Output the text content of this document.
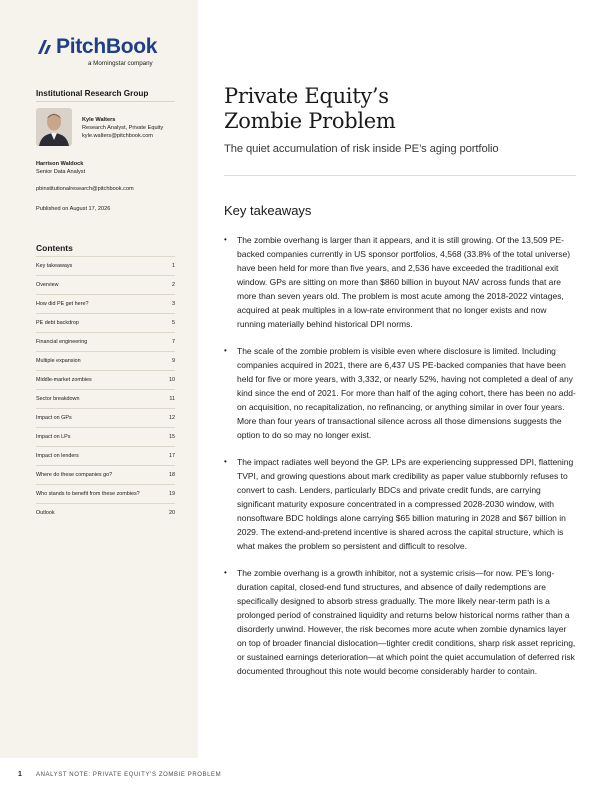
PitchBook
a Morningstar company
Institutional Research Group
Kyle Walters
Research Analyst, Private Equity
kyle.walters@pitchbook.com
Harrison Waldock
Senior Data Analyst
pbinstitutionalresearch@pitchbook.com
Published on August 17, 2026
Contents
Key takeaways	1
Overview	2
How did PE get here?	3
PE debt backdrop	5
Financial engineering	7
Multiple expansion	9
Middle-market zombies	10
Sector breakdown	11
Impact on GPs	12
Impact on LPs	15
Impact on lenders	17
Where do these companies go?	18
Who stands to benefit from these zombies?	19
Outlook	20
Private Equity’s
Zombie Problem
The quiet accumulation of risk inside PE’s aging portfolio
Key takeaways
•	The zombie overhang is larger than it appears, and it is still growing. Of the 13,509 PE-backed companies currently in US sponsor portfolios, 4,568 (33.8% of the total universe) have been held for more than five years, and 2,536 have exceeded the traditional exit window. GPs are sitting on more than $860 billion in buyout NAV across funds that are more than seven years old. The problem is most acute among the 2018-2022 vintages, acquired at peak multiples in a low-rate environment that no longer exists and now running materially behind historical DPI norms.
•	The scale of the zombie problem is visible even where disclosure is limited. Including companies acquired in 2021, there are 6,437 US PE-backed companies that have been held for five or more years, with 3,332, or nearly 52%, having not completed a deal of any kind since the end of 2021. For more than half of the aging cohort, there has been no add-on acquisition, no recapitalization, no refinancing, or anything similar in over four years. More than four years of transactional silence across all those dimensions suggests the option to do so may no longer exist.
•	The impact radiates well beyond the GP. LPs are experiencing suppressed DPI, flattening TVPI, and growing questions about mark credibility as paper value stubbornly refuses to convert to cash. Lenders, particularly BDCs and private credit funds, are carrying significant maturity exposure concentrated in a compressed 2028-2030 window, with nonsoftware BDC holdings alone carrying $65 billion maturing in 2028 and $67 billion in 2029. The extend-and-pretend incentive is shared across the capital structure, which is what makes the problem so persistent and difficult to resolve.
•	The zombie overhang is a growth inhibitor, not a systemic crisis—for now. PE’s long-duration capital, closed-end fund structures, and absence of daily redemptions are specifically designed to absorb stress gradually. The more likely near-term path is a prolonged period of constrained liquidity and returns below historical norms rather than a disorderly unwind. However, the risk becomes more acute when zombie dynamics layer on top of broader financial dislocation—tighter credit conditions, sharp risk asset repricing, or sustained earnings deterioration—at which point the quiet accumulation of deferred risk documented throughout this note would become considerably harder to contain.
1 ANALYST NOTE: PRIVATE EQUITY’S ZOMBIE PROBLEM
